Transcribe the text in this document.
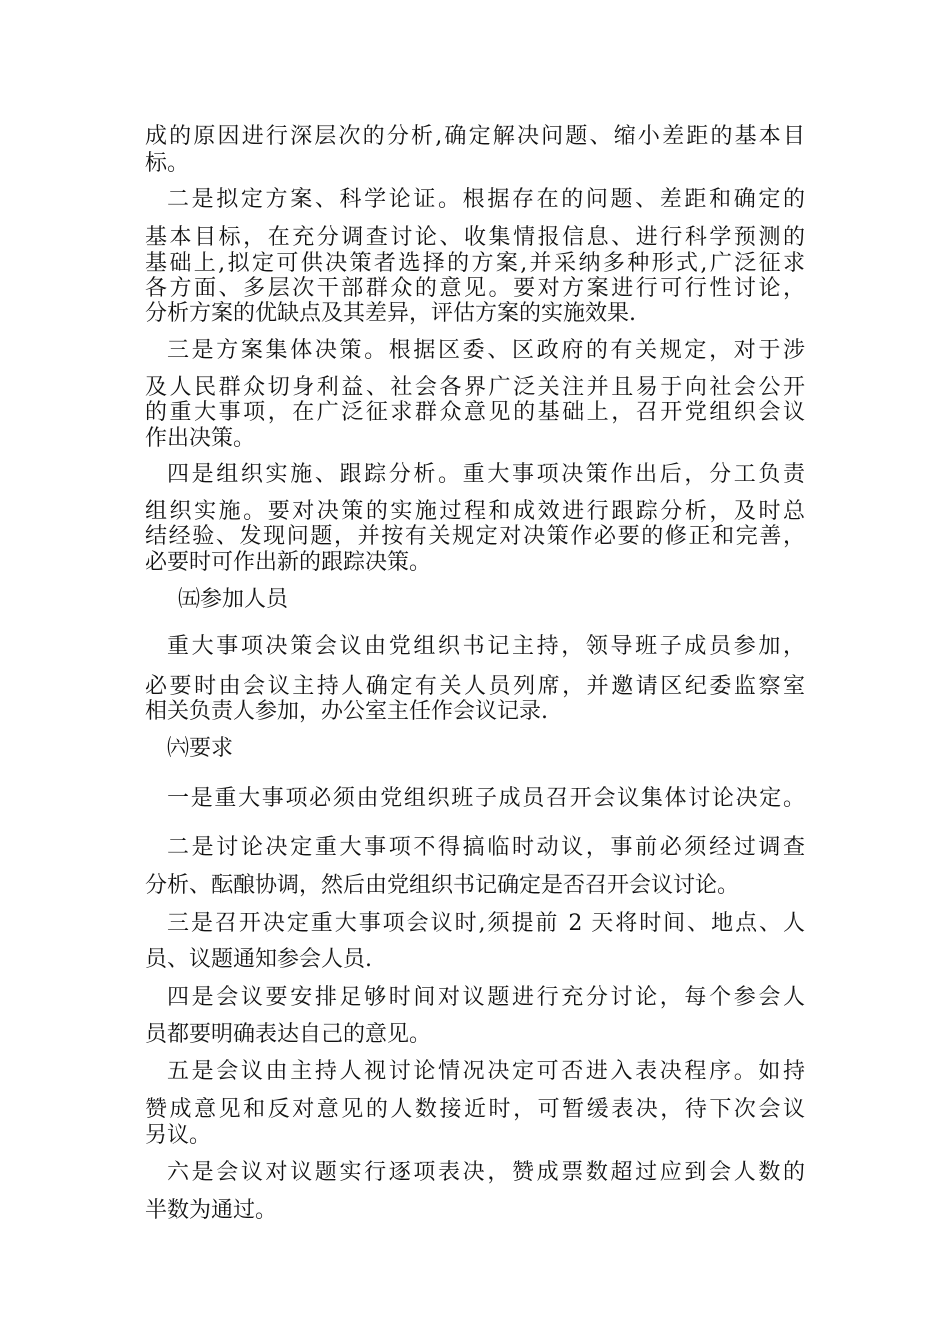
成的原因进行深层次的分析,确定解决问题、缩小差距的基本目
标。
二是拟定方案、科学论证。根据存在的问题、差距和确定的
基本目标，在充分调查讨论、收集情报信息、进行科学预测的
基础上,拟定可供决策者选择的方案,并采纳多种形式,广泛征求
各方面、多层次干部群众的意见。要对方案进行可行性讨论，
分析方案的优缺点及其差异，评估方案的实施效果.
三是方案集体决策。根据区委、区政府的有关规定，对于涉
及人民群众切身利益、社会各界广泛关注并且易于向社会公开
的重大事项，在广泛征求群众意见的基础上，召开党组织会议
作出决策。
四是组织实施、跟踪分析。重大事项决策作出后，分工负责
组织实施。要对决策的实施过程和成效进行跟踪分析，及时总
结经验、发现问题，并按有关规定对决策作必要的修正和完善，
必要时可作出新的跟踪决策。
㈤参加人员
重大事项决策会议由党组织书记主持，领导班子成员参加，
必要时由会议主持人确定有关人员列席，并邀请区纪委监察室
相关负责人参加，办公室主任作会议记录.
㈥要求
一是重大事项必须由党组织班子成员召开会议集体讨论决定。
二是讨论决定重大事项不得搞临时动议，事前必须经过调查
分析、酝酿协调，然后由党组织书记确定是否召开会议讨论。
三是召开决定重大事项会议时,须提前 2 天将时间、地点、人
员、议题通知参会人员.
四是会议要安排足够时间对议题进行充分讨论，每个参会人
员都要明确表达自己的意见。
五是会议由主持人视讨论情况决定可否进入表决程序。如持
赞成意见和反对意见的人数接近时，可暂缓表决，待下次会议
另议。
六是会议对议题实行逐项表决，赞成票数超过应到会人数的
半数为通过。
